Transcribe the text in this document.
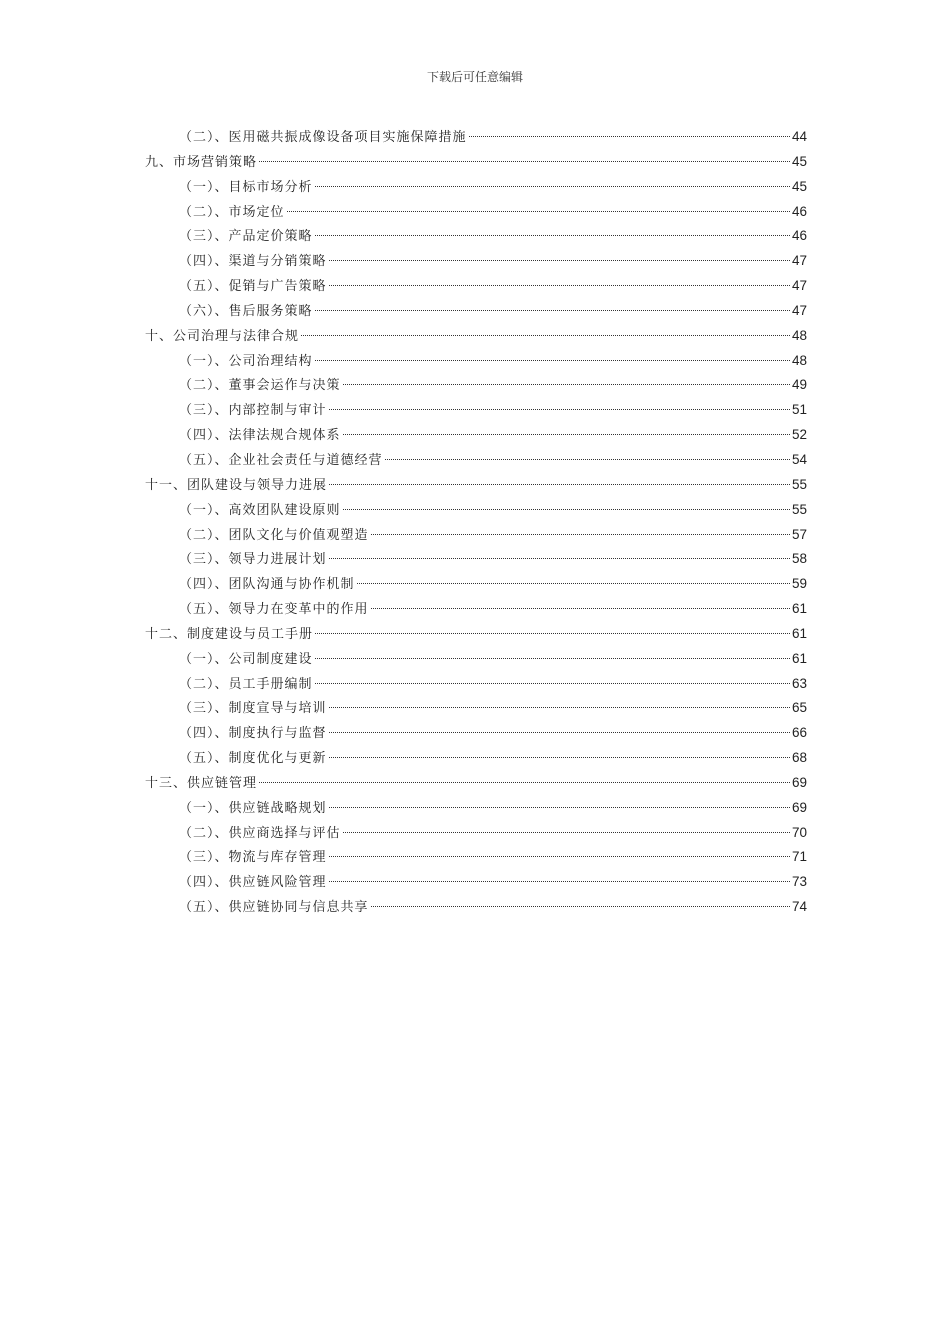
下载后可任意编辑
（二）、医用磁共振成像设备项目实施保障措施	44
九、市场营销策略	45
（一）、目标市场分析	45
（二）、市场定位	46
（三）、产品定价策略	46
（四）、渠道与分销策略	47
（五）、促销与广告策略	47
（六）、售后服务策略	47
十、公司治理与法律合规	48
（一）、公司治理结构	48
（二）、董事会运作与决策	49
（三）、内部控制与审计	51
（四）、法律法规合规体系	52
（五）、企业社会责任与道德经营	54
十一、团队建设与领导力进展	55
（一）、高效团队建设原则	55
（二）、团队文化与价值观塑造	57
（三）、领导力进展计划	58
（四）、团队沟通与协作机制	59
（五）、领导力在变革中的作用	61
十二、制度建设与员工手册	61
（一）、公司制度建设	61
（二）、员工手册编制	63
（三）、制度宣导与培训	65
（四）、制度执行与监督	66
（五）、制度优化与更新	68
十三、供应链管理	69
（一）、供应链战略规划	69
（二）、供应商选择与评估	70
（三）、物流与库存管理	71
（四）、供应链风险管理	73
（五）、供应链协同与信息共享	74
